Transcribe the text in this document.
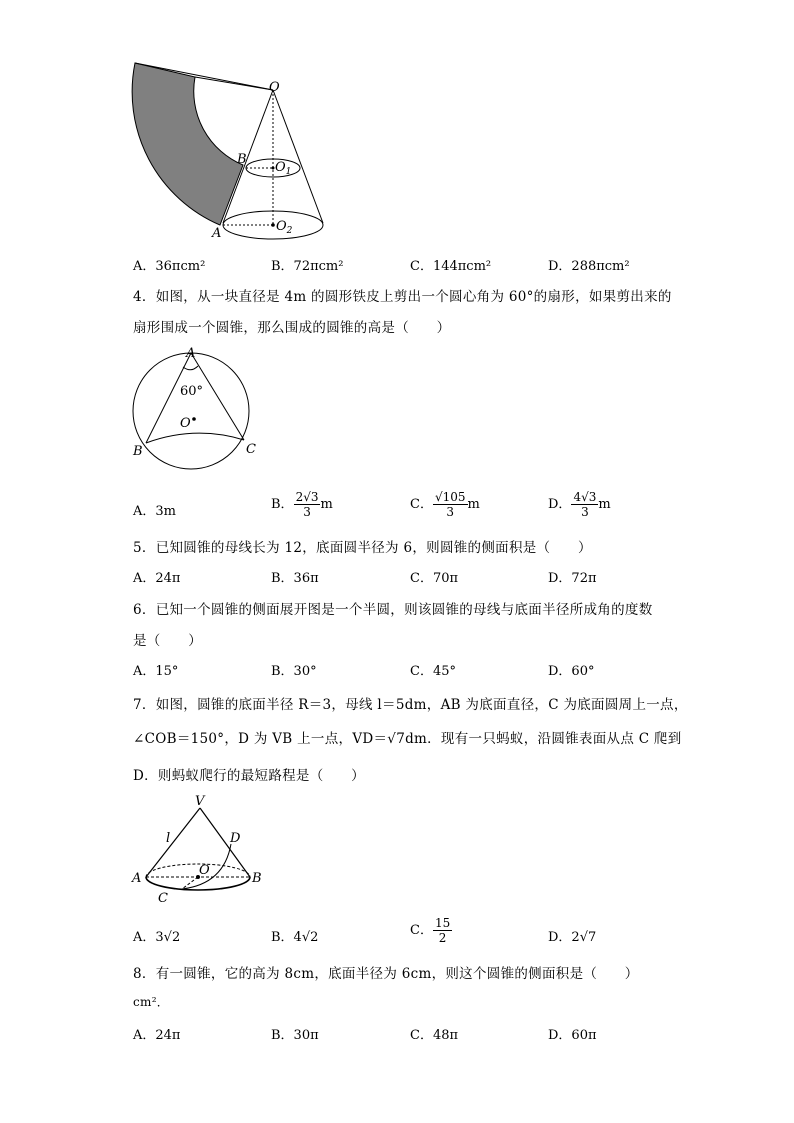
O
$O_1$
$O_2$
A
B
A．36πcm²	B．72πcm²	C．144πcm²	D．288πcm²
4．如图，从一块直径是 4m 的圆形铁皮上剪出一个圆心角为 60°的扇形，如果剪出来的
扇形围成一个圆锥，那么围成的圆锥的高是（　　）
A
60°
O
B	C
A．3m	B． $\frac{2√3}{3}$ m	C． $\frac{√105}{3}$ m	D． $\frac{4√3}{3}$ m
5．已知圆锥的母线长为 12，底面圆半径为 6，则圆锥的侧面积是（　　）
A．24π	B．36π	C．70π	D．72π
6．已知一个圆锥的侧面展开图是一个半圆，则该圆锥的母线与底面半径所成角的度数
是（　　）
A．15°	B．30°	C．45°	D．60°
7．如图，圆锥的底面半径 R＝3，母线 l＝5dm，AB 为底面直径，C 为底面圆周上一点，
∠COB＝150°，D 为 VB 上一点，VD＝√7dm．现有一只蚂蚁，沿圆锥表面从点 C 爬到
D．则蚂蚁爬行的最短路程是（　　）
V
l	D
O
A	B
C
A．3√2	B．4√2	C． $\frac{15}{2}$	D．2√7
8．有一圆锥，它的高为 8cm，底面半径为 6cm，则这个圆锥的侧面积是（　　）
cm²．
A．24π	B．30π	C．48π	D．60π
